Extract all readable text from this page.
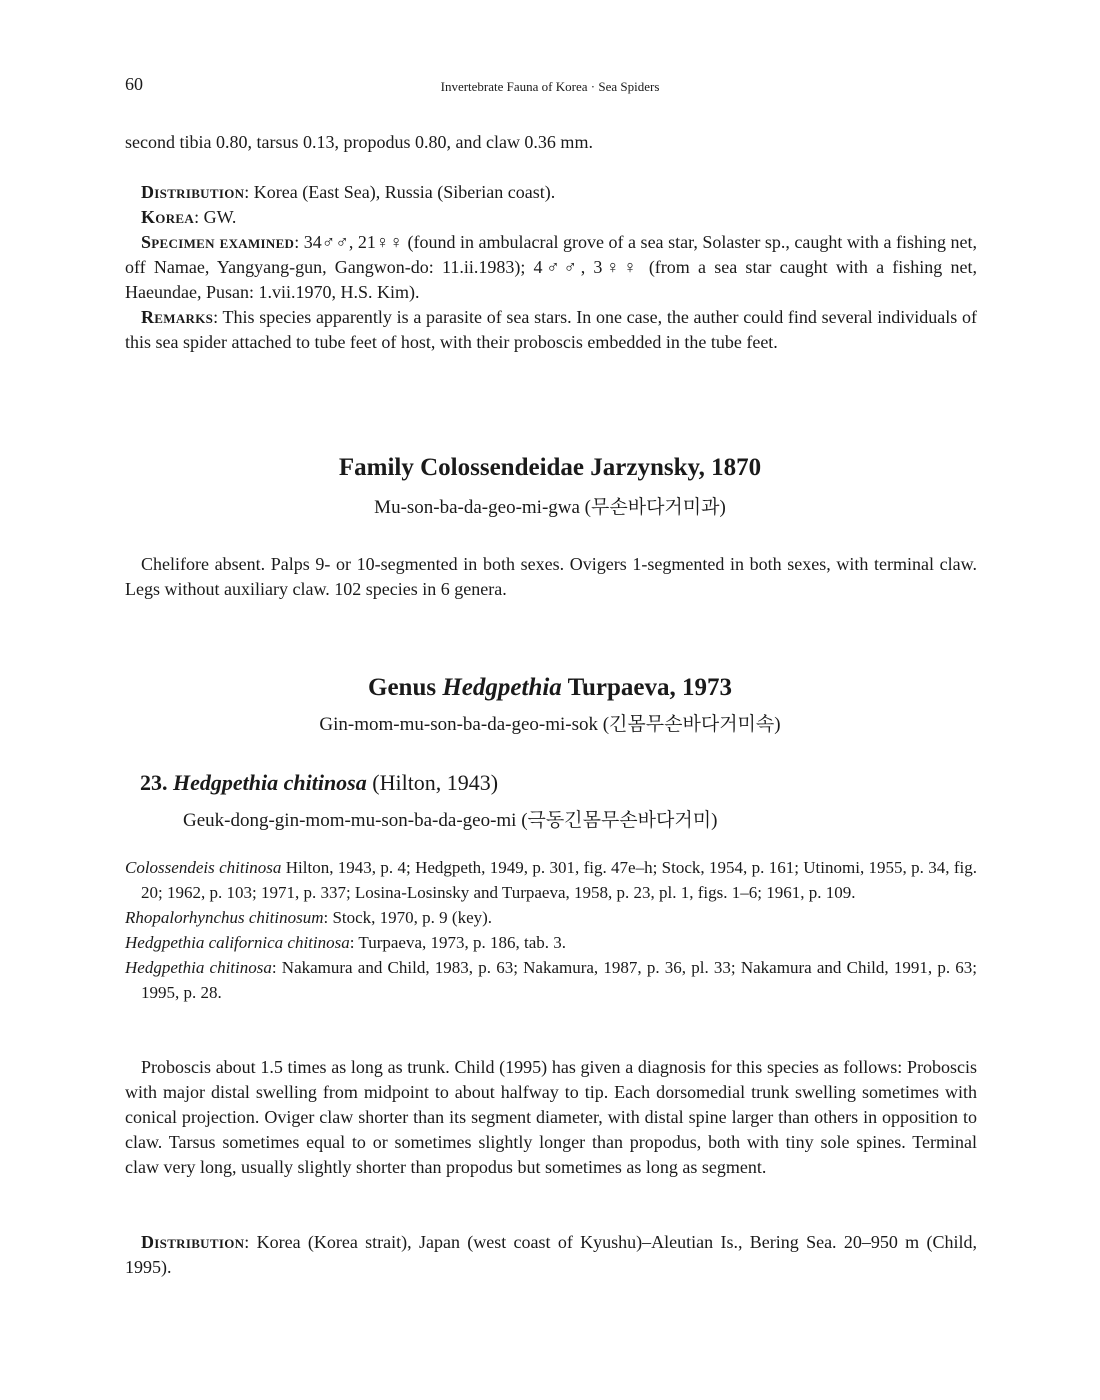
60	Invertebrate Fauna of Korea · Sea Spiders
second tibia 0.80, tarsus 0.13, propodus 0.80, and claw 0.36 mm.
Distribution: Korea (East Sea), Russia (Siberian coast).
Korea: GW.
Specimen examined: 34♂♂, 21♀♀ (found in ambulacral grove of a sea star, Solaster sp., caught with a fishing net, off Namae, Yangyang-gun, Gangwon-do: 11.ii.1983); 4♂♂, 3♀♀ (from a sea star caught with a fishing net, Haeundae, Pusan: 1.vii.1970, H.S. Kim).
Remarks: This species apparently is a parasite of sea stars. In one case, the auther could find several individuals of this sea spider attached to tube feet of host, with their proboscis embedded in the tube feet.
Family Colossendeidae Jarzynsky, 1870
Mu-son-ba-da-geo-mi-gwa (무손바다거미과)
Chelifore absent. Palps 9- or 10-segmented in both sexes. Ovigers 1-segmented in both sexes, with terminal claw. Legs without auxiliary claw. 102 species in 6 genera.
Genus Hedgpethia Turpaeva, 1973
Gin-mom-mu-son-ba-da-geo-mi-sok (긴몸무손바다거미속)
23. Hedgpethia chitinosa (Hilton, 1943)
Geuk-dong-gin-mom-mu-son-ba-da-geo-mi (극동긴몸무손바다거미)
Colossendeis chitinosa Hilton, 1943, p. 4; Hedgpeth, 1949, p. 301, fig. 47e–h; Stock, 1954, p. 161; Utinomi, 1955, p. 34, fig. 20; 1962, p. 103; 1971, p. 337; Losina-Losinsky and Turpaeva, 1958, p. 23, pl. 1, figs. 1–6; 1961, p. 109.
Rhopalorhynchus chitinosum: Stock, 1970, p. 9 (key).
Hedgpethia californica chitinosa: Turpaeva, 1973, p. 186, tab. 3.
Hedgpethia chitinosa: Nakamura and Child, 1983, p. 63; Nakamura, 1987, p. 36, pl. 33; Nakamura and Child, 1991, p. 63; 1995, p. 28.
Proboscis about 1.5 times as long as trunk. Child (1995) has given a diagnosis for this species as follows: Proboscis with major distal swelling from midpoint to about halfway to tip. Each dorsomedial trunk swelling sometimes with conical projection. Oviger claw shorter than its segment diameter, with distal spine larger than others in opposition to claw. Tarsus sometimes equal to or sometimes slightly longer than propodus, both with tiny sole spines. Terminal claw very long, usually slightly shorter than propodus but sometimes as long as segment.
Distribution: Korea (Korea strait), Japan (west coast of Kyushu)–Aleutian Is., Bering Sea. 20–950 m (Child, 1995).
